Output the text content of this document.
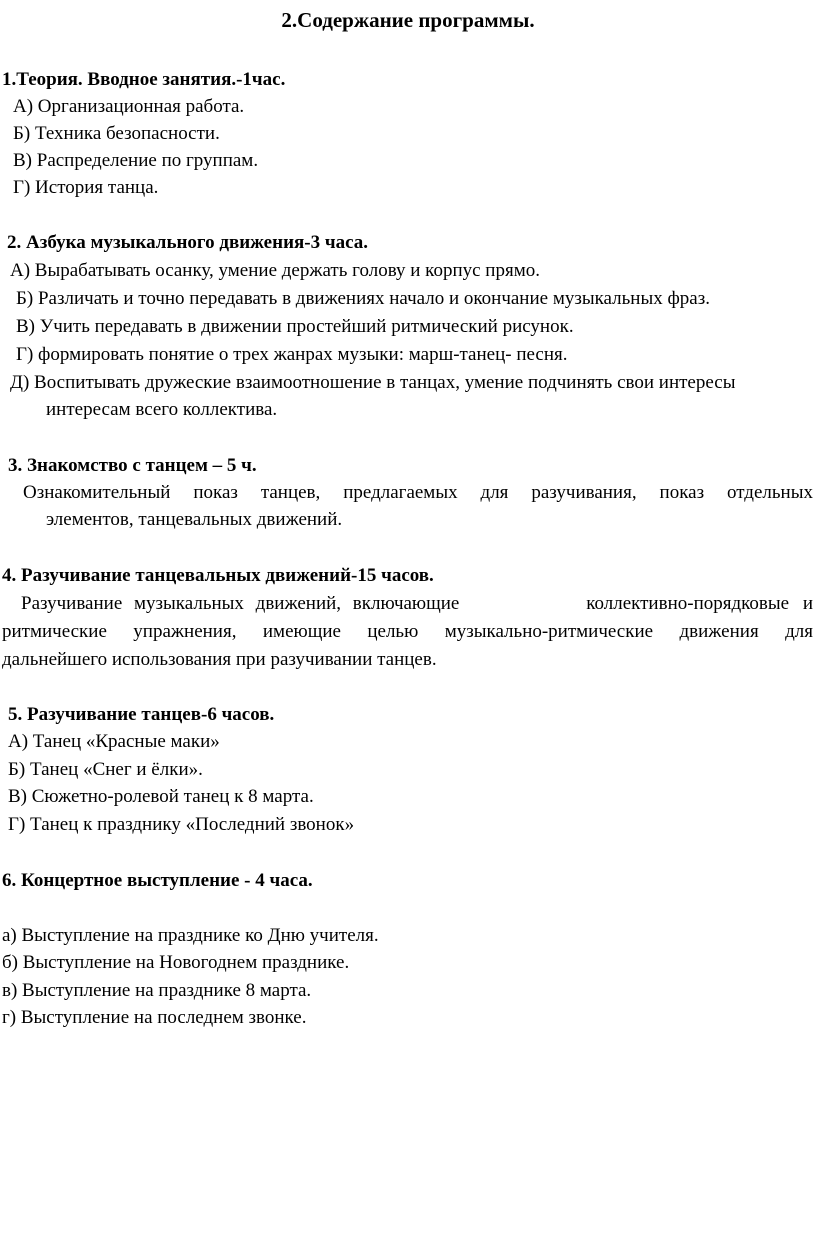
2.Содержание программы.
1.Теория. Вводное занятия.-1час.
А) Организационная работа.
Б) Техника безопасности.
В) Распределение по группам.
Г) История танца.
2. Азбука музыкального движения-3 часа.
А) Вырабатывать осанку, умение держать голову и корпус прямо.
Б) Различать и точно передавать в движениях начало и окончание музыкальных фраз.
В) Учить передавать в движении простейший ритмический рисунок.
Г) формировать понятие о трех жанрах музыки: марш-танец- песня.
Д) Воспитывать дружеские взаимоотношение в танцах, умение подчинять свои интересы
интересам всего коллектива.
3. Знакомство с танцем – 5 ч.
Ознакомительный показ танцев, предлагаемых для разучивания, показ отдельных
элементов, танцевальных движений.
4. Разучивание танцевальных движений-15 часов.
Разучивание музыкальных движений, включающие	коллективно-порядковые и
ритмические упражнения, имеющие целью музыкально-ритмические движения для
дальнейшего использования при разучивании танцев.
5. Разучивание танцев-6 часов.
А) Танец «Красные маки»
Б) Танец «Снег и ёлки».
В) Сюжетно-ролевой танец к 8 марта.
Г) Танец к празднику «Последний звонок»
6. Концертное выступление - 4 часа.
а) Выступление на празднике ко Дню учителя.
б) Выступление на Новогоднем празднике.
в) Выступление на празднике 8 марта.
г) Выступление на последнем звонке.
